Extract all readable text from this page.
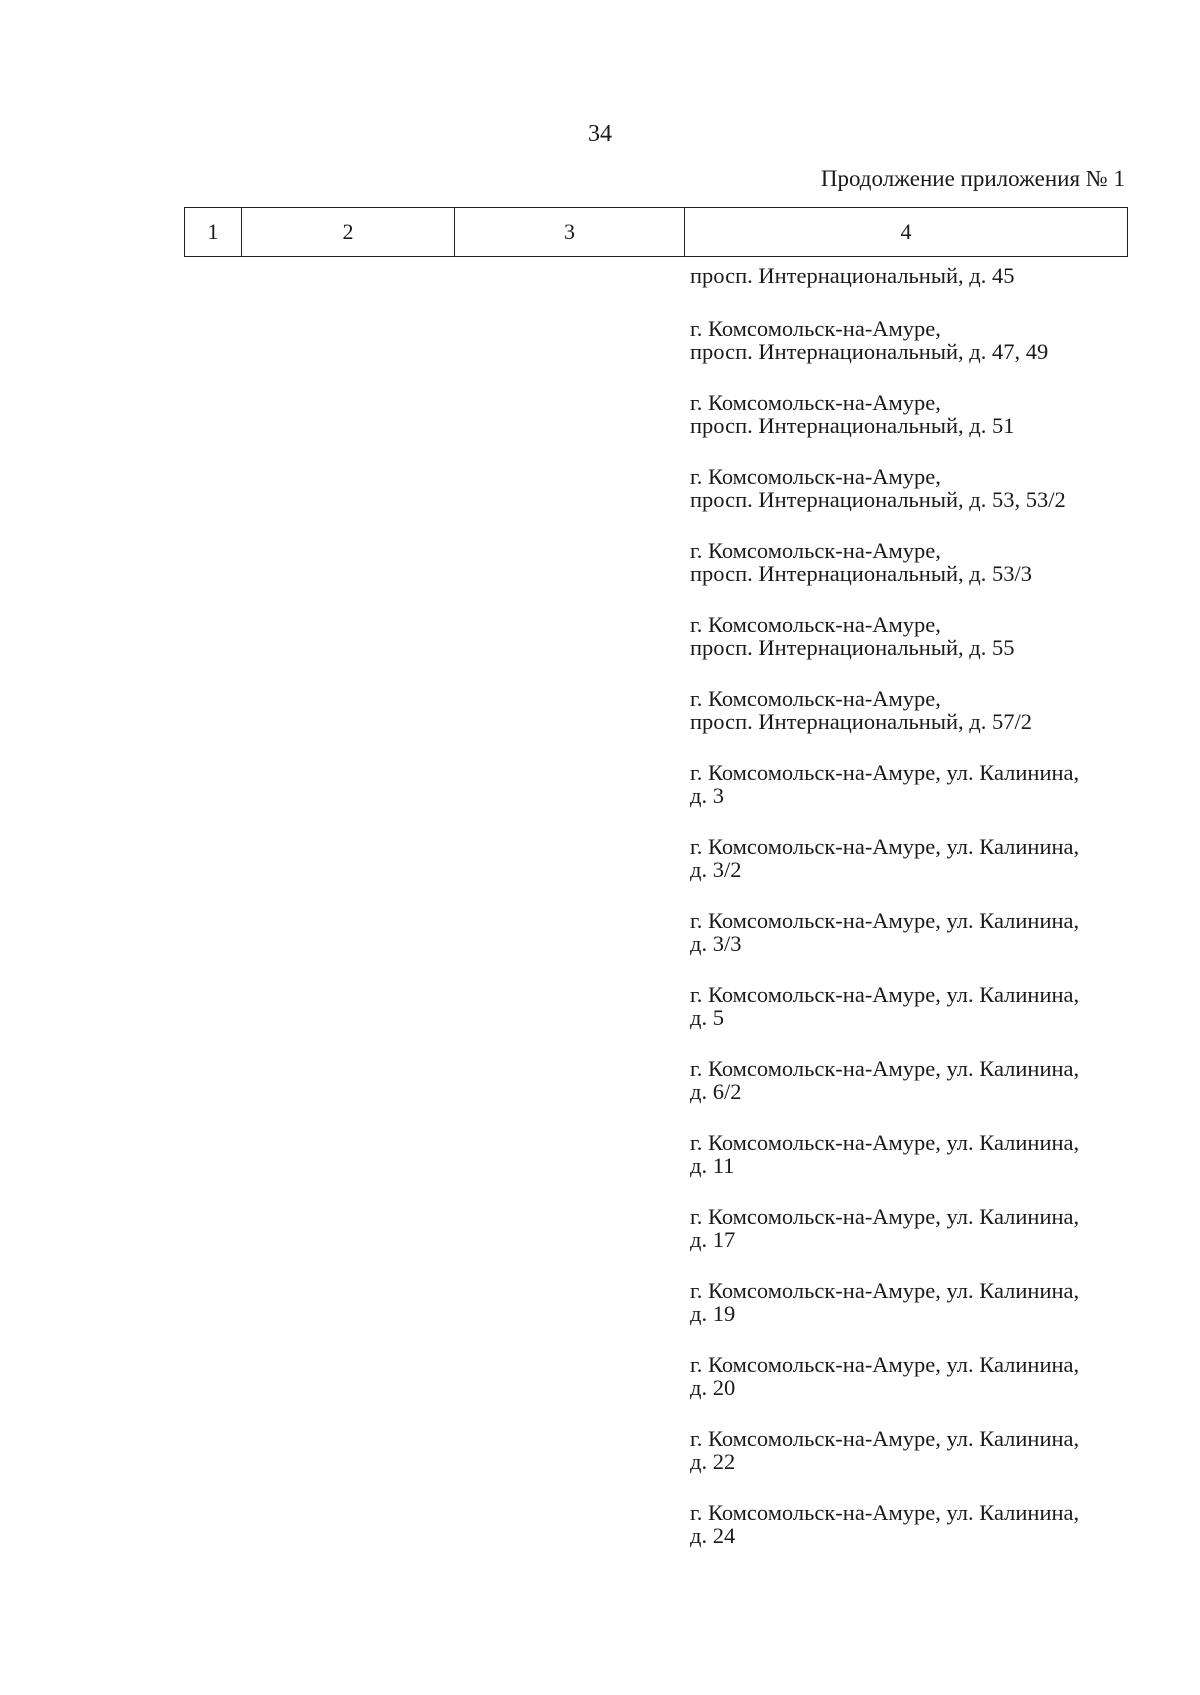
34
Продолжение приложения № 1
1	2	3	4
просп. Интернациональный, д. 45
г. Комсомольск-на-Амуре,
просп. Интернациональный, д. 47, 49
г. Комсомольск-на-Амуре,
просп. Интернациональный, д. 51
г. Комсомольск-на-Амуре,
просп. Интернациональный, д. 53, 53/2
г. Комсомольск-на-Амуре,
просп. Интернациональный, д. 53/3
г. Комсомольск-на-Амуре,
просп. Интернациональный, д. 55
г. Комсомольск-на-Амуре,
просп. Интернациональный, д. 57/2
г. Комсомольск-на-Амуре, ул. Калинина,
д. 3
г. Комсомольск-на-Амуре, ул. Калинина,
д. 3/2
г. Комсомольск-на-Амуре, ул. Калинина,
д. 3/3
г. Комсомольск-на-Амуре, ул. Калинина,
д. 5
г. Комсомольск-на-Амуре, ул. Калинина,
д. 6/2
г. Комсомольск-на-Амуре, ул. Калинина,
д. 11
г. Комсомольск-на-Амуре, ул. Калинина,
д. 17
г. Комсомольск-на-Амуре, ул. Калинина,
д. 19
г. Комсомольск-на-Амуре, ул. Калинина,
д. 20
г. Комсомольск-на-Амуре, ул. Калинина,
д. 22
г. Комсомольск-на-Амуре, ул. Калинина,
д. 24
